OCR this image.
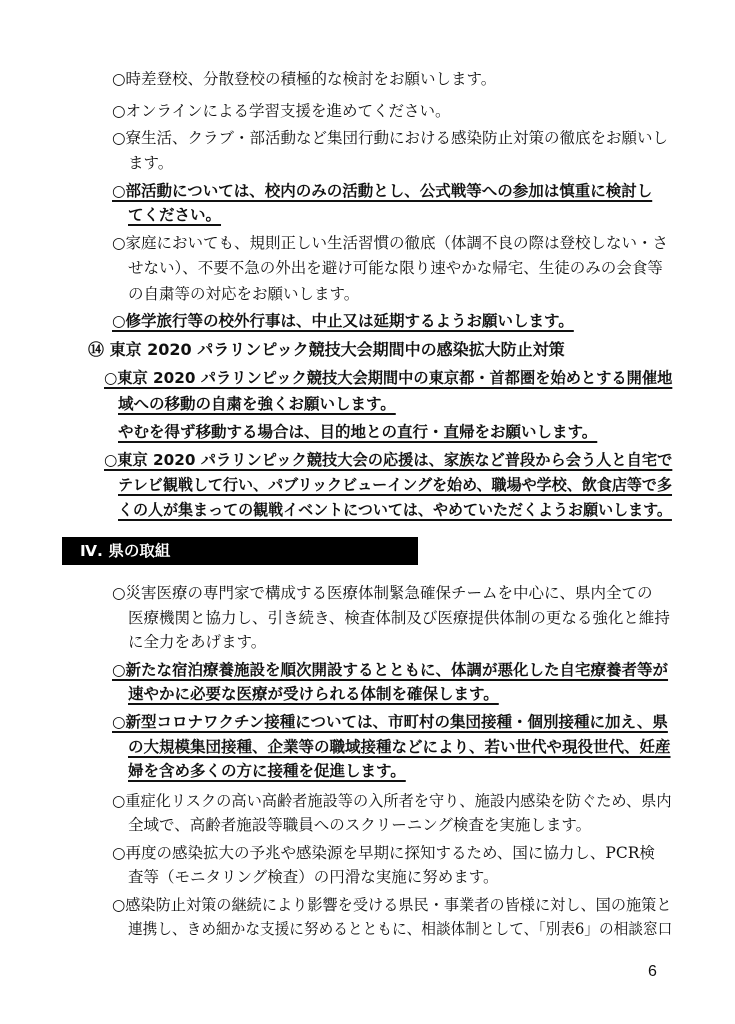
○時差登校、分散登校の積極的な検討をお願いします。
○オンラインによる学習支援を進めてください。
○寮生活、クラブ・部活動など集団行動における感染防止対策の徹底をお願いし
ます。
○部活動については、校内のみの活動とし、公式戦等への参加は慎重に検討し
てください。
○家庭においても、規則正しい生活習慣の徹底（体調不良の際は登校しない・さ
せない）、不要不急の外出を避け可能な限り速やかな帰宅、生徒のみの会食等
の自粛等の対応をお願いします。
○修学旅行等の校外行事は、中止又は延期するようお願いします。
⑭ 東京 2020 パラリンピック競技大会期間中の感染拡大防止対策
○東京 2020 パラリンピック競技大会期間中の東京都・首都圏を始めとする開催地
域への移動の自粛を強くお願いします。
やむを得ず移動する場合は、目的地との直行・直帰をお願いします。
○東京 2020 パラリンピック競技大会の応援は、家族など普段から会う人と自宅で
テレビ観戦して行い、パブリックビューイングを始め、職場や学校、飲食店等で多
くの人が集まっての観戦イベントについては、やめていただくようお願いします。
Ⅳ. 県の取組
○災害医療の専門家で構成する医療体制緊急確保チームを中心に、県内全ての
医療機関と協力し、引き続き、検査体制及び医療提供体制の更なる強化と維持
に全力をあげます。
○新たな宿泊療養施設を順次開設するとともに、体調が悪化した自宅療養者等が
速やかに必要な医療が受けられる体制を確保します。
○新型コロナワクチン接種については、市町村の集団接種・個別接種に加え、県
の大規模集団接種、企業等の職域接種などにより、若い世代や現役世代、妊産
婦を含め多くの方に接種を促進します。
○重症化リスクの高い高齢者施設等の入所者を守り、施設内感染を防ぐため、県内
全域で、高齢者施設等職員へのスクリーニング検査を実施します。
○再度の感染拡大の予兆や感染源を早期に探知するため、国に協力し、PCR検
査等（モニタリング検査）の円滑な実施に努めます。
○感染防止対策の継続により影響を受ける県民・事業者の皆様に対し、国の施策と
連携し、きめ細かな支援に努めるとともに、相談体制として、「別表6」の相談窓口
6
